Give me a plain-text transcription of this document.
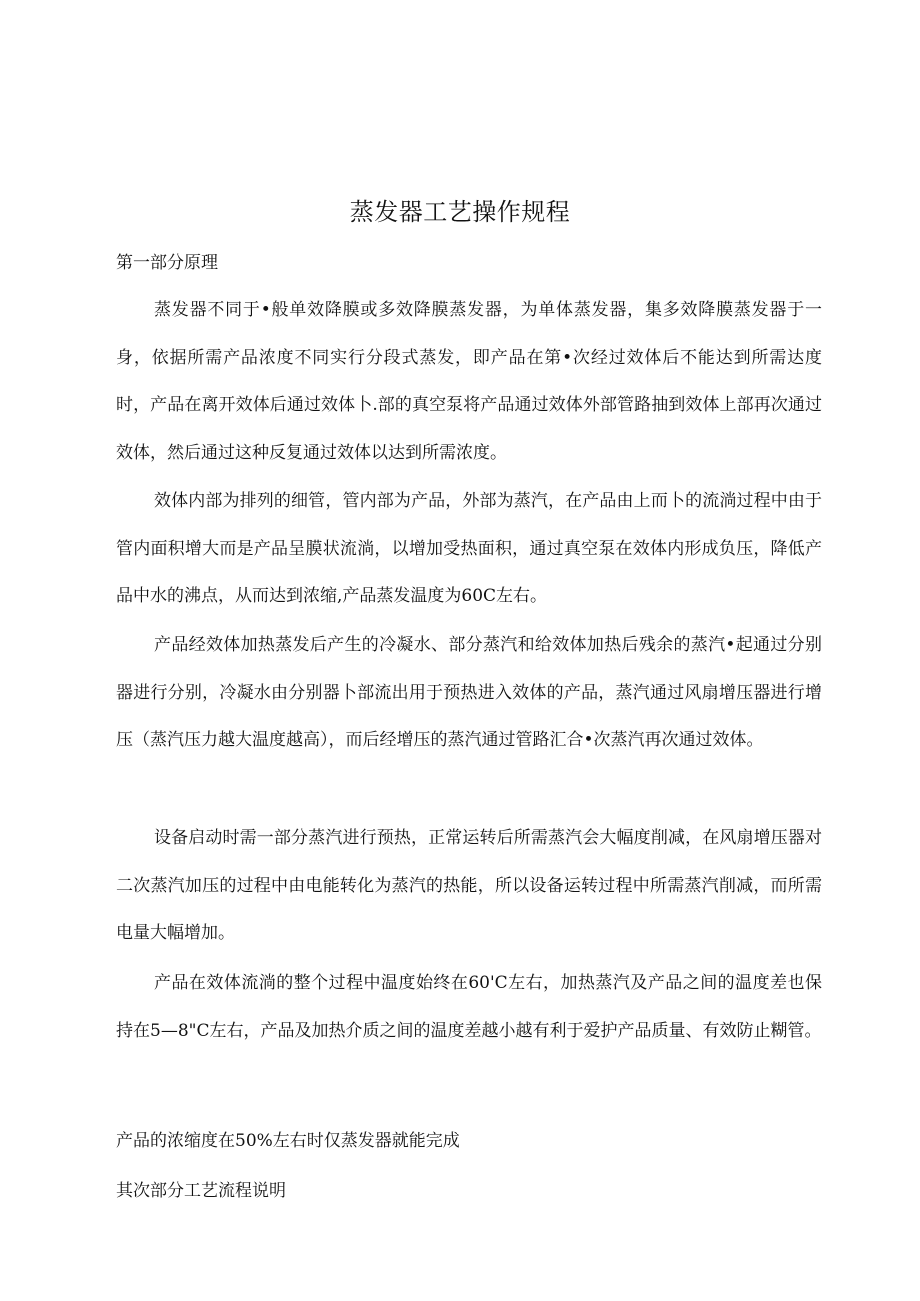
蒸发器工艺操作规程
第一部分原理
蒸发器不同于•般单效降膜或多效降膜蒸发器，为单体蒸发器，集多效降膜蒸发器于一身，依据所需产品浓度不同实行分段式蒸发，即产品在第•次经过效体后不能达到所需达度时，产品在离开效体后通过效体卜.部的真空泵将产品通过效体外部管路抽到效体上部再次通过效体，然后通过这种反复通过效体以达到所需浓度。
效体内部为排列的细管，管内部为产品，外部为蒸汽，在产品由上而卜的流淌过程中由于管内面积增大而是产品呈膜状流淌，以增加受热面积，通过真空泵在效体内形成负压，降低产品中水的沸点，从而达到浓缩,产品蒸发温度为60C左右。
产品经效体加热蒸发后产生的冷凝水、部分蒸汽和给效体加热后残余的蒸汽•起通过分别器进行分别，冷凝水由分别器卜部流出用于预热进入效体的产品，蒸汽通过风扇增压器进行增压（蒸汽压力越大温度越高），而后经增压的蒸汽通过管路汇合•次蒸汽再次通过效体。
设备启动时需一部分蒸汽进行预热，正常运转后所需蒸汽会大幅度削减，在风扇增压器对二次蒸汽加压的过程中由电能转化为蒸汽的热能，所以设备运转过程中所需蒸汽削减，而所需电量大幅增加。
产品在效体流淌的整个过程中温度始终在60'C左右，加热蒸汽及产品之间的温度差也保持在5—8"C左右，产品及加热介质之间的温度差越小越有利于爱护产品质量、有效防止糊管。
产品的浓缩度在50%左右时仅蒸发器就能完成
其次部分工艺流程说明
